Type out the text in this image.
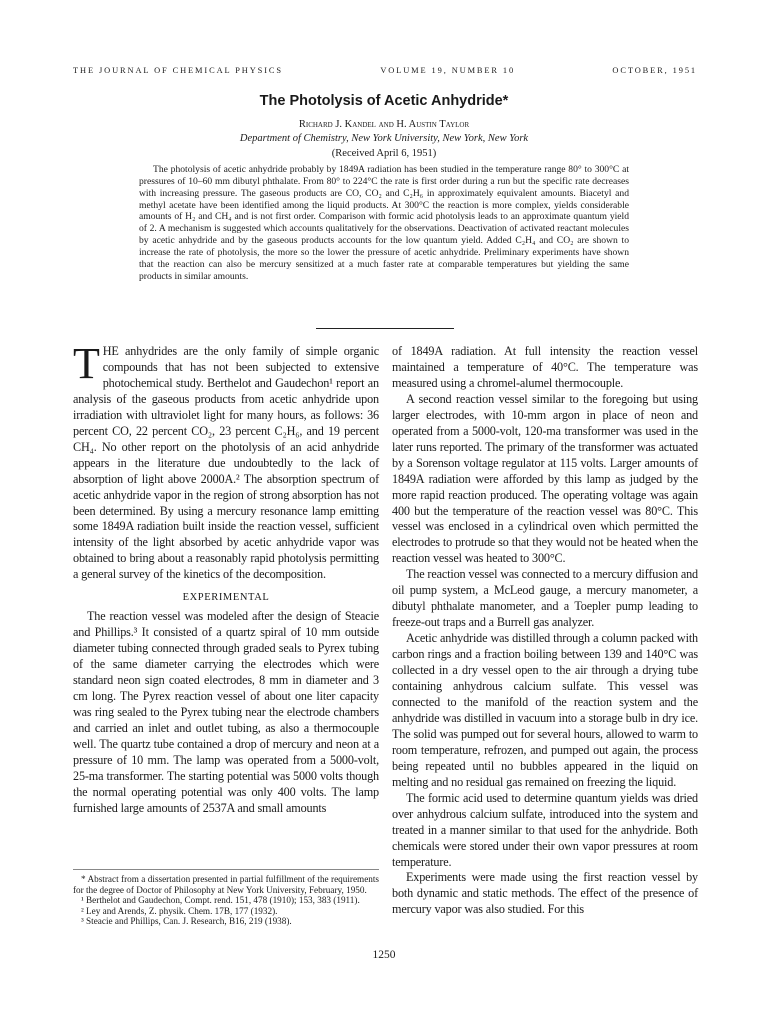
THE JOURNAL OF CHEMICAL PHYSICS	VOLUME 19, NUMBER 10	OCTOBER, 1951
The Photolysis of Acetic Anhydride*
Richard J. Kandel and H. Austin Taylor
Department of Chemistry, New York University, New York, New York
(Received April 6, 1951)

The photolysis of acetic anhydride probably by 1849A radiation has been studied in the temperature range 80° to 300°C at pressures of 10–60 mm dibutyl phthalate. From 80° to 224°C the rate is first order during a run but the specific rate decreases with increasing pressure. The gaseous products are CO, CO₂ and C₂H₆ in approximately equivalent amounts. Biacetyl and methyl acetate have been identified among the liquid products. At 300°C the reaction is more complex, yields considerable amounts of H₂ and CH₄ and is not first order. Comparison with formic acid photolysis leads to an approximate quantum yield of 2. A mechanism is suggested which accounts qualitatively for the observations. Deactivation of activated reactant molecules by acetic anhydride and by the gaseous products accounts for the low quantum yield. Added C₂H₄ and CO₂ are shown to increase the rate of photolysis, the more so the lower the pressure of acetic anhydride. Preliminary experiments have shown that the reaction can also be mercury sensitized at a much faster rate at comparable temperatures but yielding the same products in similar amounts.

THE anhydrides are the only family of simple organic compounds that has not been subjected to extensive photochemical study. Berthelot and Gaudechon¹ report an analysis of the gaseous products from acetic anhydride upon irradiation with ultraviolet light for many hours, as follows: 36 percent CO, 22 percent CO₂, 23 percent C₂H₆, and 19 percent CH₄. No other report on the photolysis of an acid anhydride appears in the literature due undoubtedly to the lack of absorption of light above 2000A.² The absorption spectrum of acetic anhydride vapor in the region of strong absorption has not been determined. By using a mercury resonance lamp emitting some 1849A radiation built inside the reaction vessel, sufficient intensity of the light absorbed by acetic anhydride vapor was obtained to bring about a reasonably rapid photolysis permitting a general survey of the kinetics of the decomposition.

EXPERIMENTAL

The reaction vessel was modeled after the design of Steacie and Phillips.³ It consisted of a quartz spiral of 10 mm outside diameter tubing connected through graded seals to Pyrex tubing of the same diameter carrying the electrodes which were standard neon sign coated electrodes, 8 mm in diameter and 3 cm long. The Pyrex reaction vessel of about one liter capacity was ring sealed to the Pyrex tubing near the electrode chambers and carried an inlet and outlet tubing, as also a thermocouple well. The quartz tube contained a drop of mercury and neon at a pressure of 10 mm. The lamp was operated from a 5000-volt, 25-ma transformer. The starting potential was 5000 volts though the normal operating potential was only 400 volts. The lamp furnished large amounts of 2537A and small amounts

of 1849A radiation. At full intensity the reaction vessel maintained a temperature of 40°C. The temperature was measured using a chromel-alumel thermocouple.

A second reaction vessel similar to the foregoing but using larger electrodes, with 10-mm argon in place of neon and operated from a 5000-volt, 120-ma transformer was used in the later runs reported. The primary of the transformer was actuated by a Sorenson voltage regulator at 115 volts. Larger amounts of 1849A radiation were afforded by this lamp as judged by the more rapid reaction produced. The operating voltage was again 400 but the temperature of the reaction vessel was 80°C. This vessel was enclosed in a cylindrical oven which permitted the electrodes to protrude so that they would not be heated when the reaction vessel was heated to 300°C.

The reaction vessel was connected to a mercury diffusion and oil pump system, a McLeod gauge, a mercury manometer, a dibutyl phthalate manometer, and a Toepler pump leading to freeze-out traps and a Burrell gas analyzer.

Acetic anhydride was distilled through a column packed with carbon rings and a fraction boiling between 139 and 140°C was collected in a dry vessel open to the air through a drying tube containing anhydrous calcium sulfate. This vessel was connected to the manifold of the reaction system and the anhydride was distilled in vacuum into a storage bulb in dry ice. The solid was pumped out for several hours, allowed to warm to room temperature, refrozen, and pumped out again, the process being repeated until no bubbles appeared in the liquid on melting and no residual gas remained on freezing the liquid.

The formic acid used to determine quantum yields was dried over anhydrous calcium sulfate, introduced into the system and treated in a manner similar to that used for the anhydride. Both chemicals were stored under their own vapor pressures at room temperature.

Experiments were made using the first reaction vessel by both dynamic and static methods. The effect of the presence of mercury vapor was also studied. For this

* Abstract from a dissertation presented in partial fulfillment of the requirements for the degree of Doctor of Philosophy at New York University, February, 1950.

¹ Berthelot and Gaudechon, Compt. rend. 151, 478 (1910); 153, 383 (1911).

² Ley and Arends, Z. physik. Chem. 17B, 177 (1932).

³ Steacie and Phillips, Can. J. Research, B16, 219 (1938).

1250
